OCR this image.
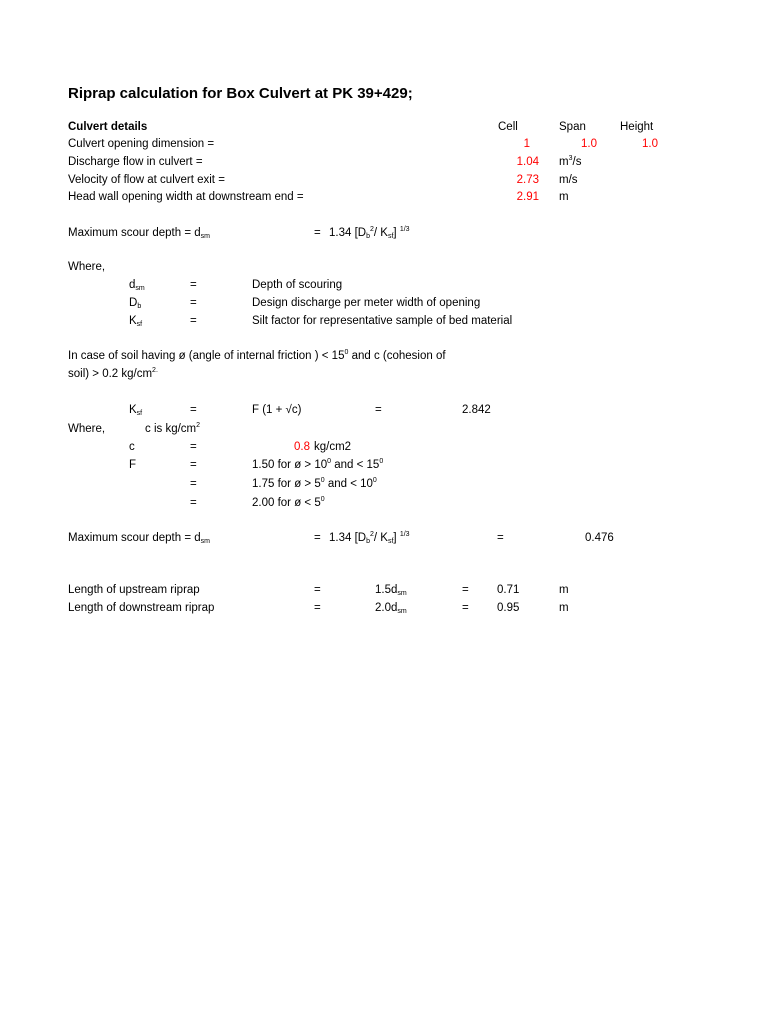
Riprap calculation for Box Culvert at PK 39+429;
Culvert details	Cell	Span	Height
Culvert opening dimension =	1	1.0	1.0
Discharge flow in culvert =	1.04 $m^3/s$
Velocity of flow at culvert exit =	2.73 m/s
Head wall opening width at downstream end =	2.91 m
Maximum scour depth = $d_{sm}$	= 1.34 [$D_b^2/$ $K_{sf}$] $^{1/3}$
Where,
$d_{sm}$	=	Depth of scouring
$D_b$	=	Design discharge per meter width of opening
$K_{sf}$	=	Silt factor for representative sample of bed material
In case of soil having ø (angle of internal friction ) < $15^0$ and c (cohesion of
soil) > 0.2 $kg/cm^{2.}$
$K_{sf}$	=	F (1 + √c)	=	2.842
Where,	c is $kg/cm^2$
c	=	0.8 kg/cm2
F	=	1.50 for ø > $10^0$ and < $15^0$
=	1.75 for ø > $5^0$ and < $10^0$
=	2.00 for ø < $5^0$
Maximum scour depth = $d_{sm}$	= 1.34 [$D_b^2/$ $K_{sf}$] $^{1/3}$	=	0.476
Length of upstream riprap	=	$1.5d_{sm}$	= 0.71	m
Length of downstream riprap	=	$2.0d_{sm}$	= 0.95	m
